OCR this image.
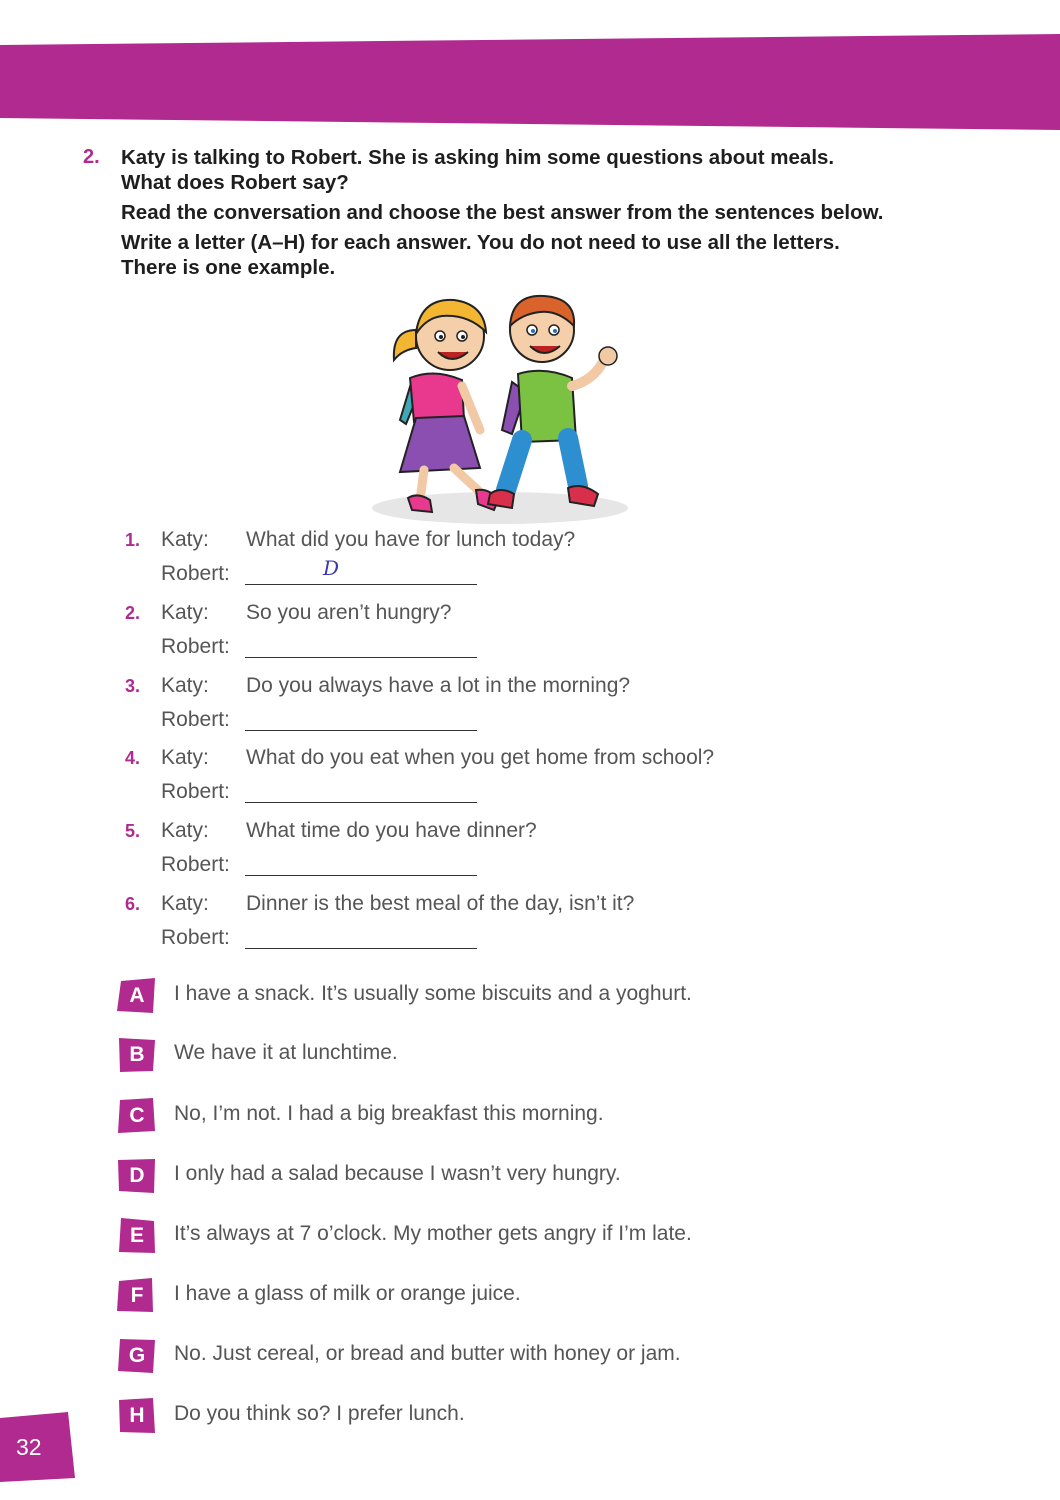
2. Katy is talking to Robert. She is asking him some questions about meals.
What does Robert say?
Read the conversation and choose the best answer from the sentences below.
Write a letter (A–H) for each answer. You do not need to use all the letters.
There is one example.
1. Katy: What did you have for lunch today?
Robert:	D
2. Katy: So you aren’t hungry?
Robert:
3. Katy: Do you always have a lot in the morning?
Robert:
4. Katy: What do you eat when you get home from school?
Robert:
5. Katy: What time do you have dinner?
Robert:
6. Katy: Dinner is the best meal of the day, isn’t it?
Robert:
A	I have a snack. It’s usually some biscuits and a yoghurt.
B	We have it at lunchtime.
C	No, I’m not. I had a big breakfast this morning.
D	I only had a salad because I wasn’t very hungry.
E	It’s always at 7 o’clock. My mother gets angry if I’m late.
F	I have a glass of milk or orange juice.
G	No. Just cereal, or bread and butter with honey or jam.
H	Do you think so? I prefer lunch.
32
